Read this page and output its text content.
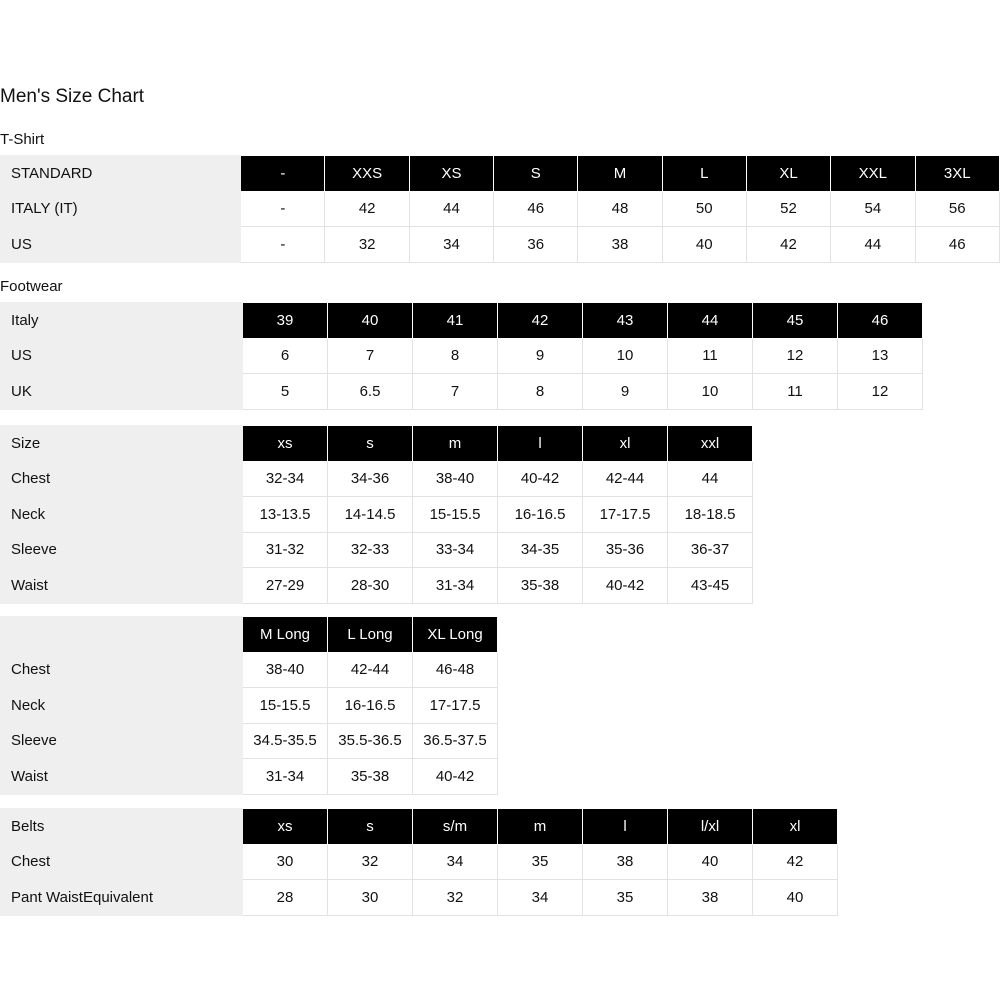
Men's Size Chart
T-Shirt
STANDARD	-	XXS	XS	S	M	L	XL	XXL	3XL
ITALY (IT)	-	42	44	46	48	50	52	54	56
US	-	32	34	36	38	40	42	44	46
Footwear
Italy	39	40	41	42	43	44	45	46
US	6	7	8	9	10	11	12	13
UK	5	6.5	7	8	9	10	11	12
Size	xs	s	m	l	xl	xxl
Chest	32-34	34-36	38-40	40-42	42-44	44
Neck	13-13.5	14-14.5	15-15.5	16-16.5	17-17.5	18-18.5
Sleeve	31-32	32-33	33-34	34-35	35-36	36-37
Waist	27-29	28-30	31-34	35-38	40-42	43-45
	M Long	L Long	XL Long
Chest	38-40	42-44	46-48
Neck	15-15.5	16-16.5	17-17.5
Sleeve	34.5-35.5	35.5-36.5	36.5-37.5
Waist	31-34	35-38	40-42
Belts	xs	s	s/m	m	l	l/xl	xl
Chest	30	32	34	35	38	40	42
Pant WaistEquivalent	28	30	32	34	35	38	40
